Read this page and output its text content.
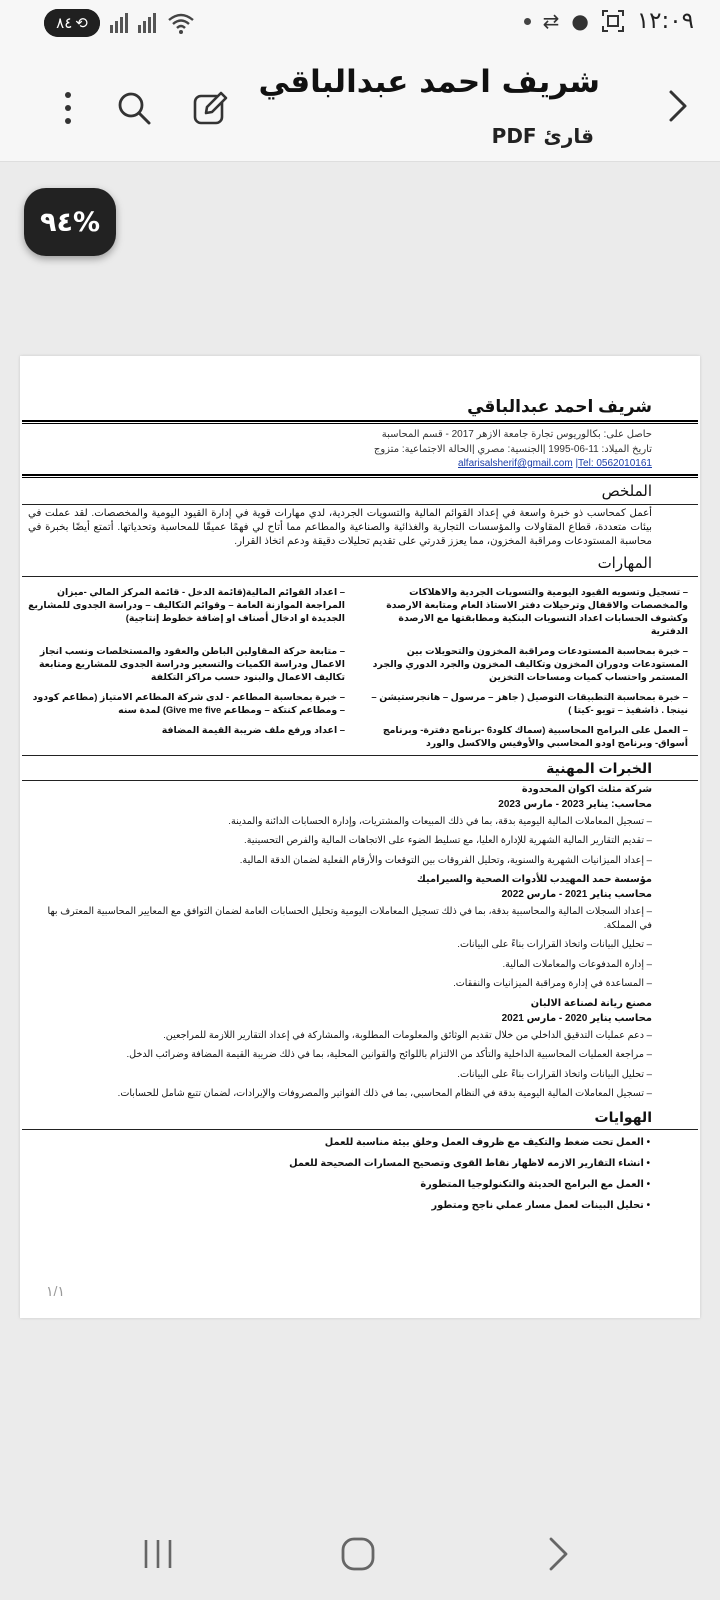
٨٤ ⟲	⇄ ● ١٢:٠٩
شريف احمد عبدالباقي
قارئ PDF
%٩٤
شريف احمد عبدالباقي
حاصل على: بكالوريوس تجارة جامعة الازهر 2017 - قسم المحاسبة
تاريخ الميلاد: 11-06-1995 |الجنسية: مصري |الحالة الاجتماعية: متزوج
alfarisalsherif@gmail.com |Tel: 0562010161
الملخص
أعمل كمحاسب ذو خبرة واسعة في إعداد القوائم المالية والتسويات الجردية، لدي مهارات قوية في إدارة القيود اليومية والمخصصات. لقد عملت في بيئات متعددة، قطاع المقاولات والمؤسسات التجارية والغذائية والصناعية والمطاعم مما أتاح لي فهمًا عميقًا للمحاسبة وتحدياتها. أتمتع أيضًا بخبرة في محاسبة المستودعات ومراقبة المخزون، مما يعزز قدرتي على تقديم تحليلات دقيقة ودعم اتخاذ القرار.
المهارات
– تسجيل وتسويه القيود اليومية والتسويات الجردية والاهلاكات والمخصصات والاقفال وترحيلات دفتر الاستاذ العام ومتابعة الارصدة وكشوف الحسابات اعداد التسويات البنكية ومطابقتها مع الارصدة الدفترية
– اعداد القوائم المالية(قائمة الدخل - قائمة المركز المالي -ميزان المراجعة الموازنة العامة – وقوائم التكاليف – ودراسة الجدوى للمشاريع الجديدة او ادخال أصناف او إضافة خطوط إنتاجية)
– خبرة بمحاسبة المستودعات ومراقبة المخزون والتحويلات بين المستودعات ودوران المخزون وتكاليف المخزون والجرد الدوري والجرد المستمر واحتساب كميات ومساحات التخزين
– متابعة حركة المقاولين الباطن والعقود والمستخلصات ونسب انجاز الاعمال ودراسة الكميات والتسعير ودراسة الجدوى للمشاريع ومتابعة تكاليف الاعمال والبنود حسب مراكز التكلفة
– خبرة بمحاسبة التطبيقات التوصيل ( جاهز – مرسول – هانجرستيشن – نينجا . ذاشفيذ – تويو -كيتا )
– خبرة بمحاسبة المطاعم - لدى شركة المطاعم الامتياز (مطاعم كودود – ومطاعم كنتكة – ومطاعم Give me five) لمدة سنه
– العمل على البرامج المحاسبية (سماك كلود6 -برنامج دفترة- وبرنامج أسواق- وبرنامج اودو المحاسبي والأوفيس والاكسل والورد
– اعداد ورفع ملف ضريبة القيمة المضافة
الخبرات المهنية
شركة مثلث اكوان المحدودة
محاسب: يناير 2023 - مارس 2023
– تسجيل المعاملات المالية اليومية بدقة، بما في ذلك المبيعات والمشتريات، وإدارة الحسابات الدائنة والمدينة.
– تقديم التقارير المالية الشهرية للإدارة العليا، مع تسليط الضوء على الاتجاهات المالية والفرص التحسينية.
– إعداد الميزانيات الشهرية والسنوية، وتحليل الفروقات بين التوقعات والأرقام الفعلية لضمان الدقة المالية.
مؤسسة حمد المهيدب للأدوات الصحية والسيراميك
محاسب يناير 2021 - مارس 2022
– إعداد السجلات المالية والمحاسبية بدقة، بما في ذلك تسجيل المعاملات اليومية وتحليل الحسابات العامة لضمان التوافق مع المعايير المحاسبية المعترف بها في المملكة.
– تحليل البيانات واتخاذ القرارات بناءً على البيانات.
– إدارة المدفوعات والمعاملات المالية.
– المساعدة في إدارة ومراقبة الميزانيات والنفقات.
مصنع ريانة لصناعة الالبان
محاسب يناير 2020 - مارس 2021
– دعم عمليات التدقيق الداخلي من خلال تقديم الوثائق والمعلومات المطلوبة، والمشاركة في إعداد التقارير اللازمة للمراجعين.
– مراجعة العمليات المحاسبية الداخلية والتأكد من الالتزام باللوائح والقوانين المحلية، بما في ذلك ضريبة القيمة المضافة وضرائب الدخل.
– تحليل البيانات واتخاذ القرارات بناءً على البيانات.
– تسجيل المعاملات المالية اليومية بدقة في النظام المحاسبي، بما في ذلك الفواتير والمصروفات والإيرادات، لضمان تتبع شامل للحسابات.
الهوايات
• العمل تحت ضغط والتكيف مع ظروف العمل وخلق بيئة مناسبة للعمل
• انشاء التقارير الازمه لاظهار نقاط القوى وتصحيح المسارات الصحيحة للعمل
• العمل مع البرامج الحديثة والتكنولوجيا المتطورة
• تحليل البينات لعمل مسار عملي ناجح ومتطور
١/١
